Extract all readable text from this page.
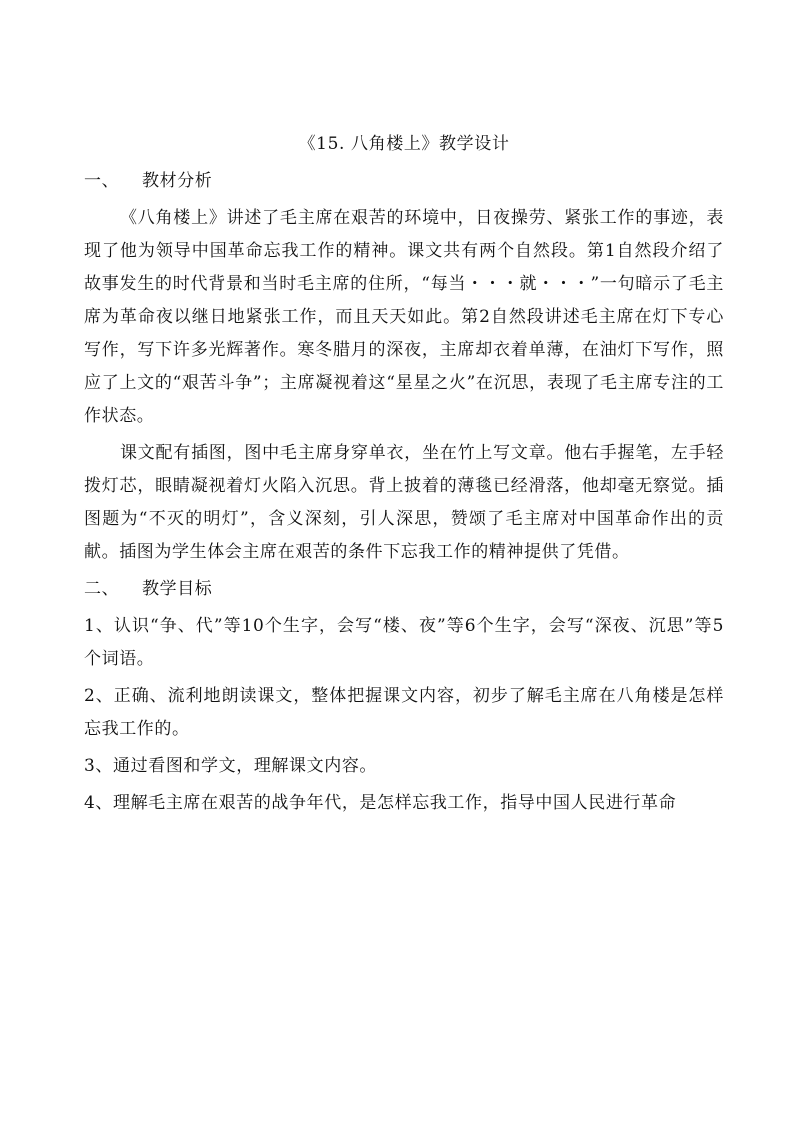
《15. 八角楼上》教学设计
一、 教材分析
《八角楼上》讲述了毛主席在艰苦的环境中，日夜操劳、紧张工作的事迹，表现了他为领导中国革命忘我工作的精神。课文共有两个自然段。第1自然段介绍了故事发生的时代背景和当时毛主席的住所，“每当・・・就・・・”一句暗示了毛主席为革命夜以继日地紧张工作，而且天天如此。第2自然段讲述毛主席在灯下专心写作，写下许多光辉著作。寒冬腊月的深夜，主席却衣着单薄，在油灯下写作，照应了上文的“艰苦斗争”；主席凝视着这“星星之火”在沉思，表现了毛主席专注的工作状态。
课文配有插图，图中毛主席身穿单衣，坐在竹上写文章。他右手握笔，左手轻拨灯芯，眼睛凝视着灯火陷入沉思。背上披着的薄毯已经滑落，他却毫无察觉。插图题为“不灭的明灯”，含义深刻，引人深思，赞颂了毛主席对中国革命作出的贡献。插图为学生体会主席在艰苦的条件下忘我工作的精神提供了凭借。
二、 教学目标
1、认识“争、代”等10个生字，会写“楼、夜”等6个生字，会写“深夜、沉思”等5个词语。
2、正确、流利地朗读课文，整体把握课文内容，初步了解毛主席在八角楼是怎样忘我工作的。
3、通过看图和学文，理解课文内容。
4、理解毛主席在艰苦的战争年代，是怎样忘我工作，指导中国人民进行革命
